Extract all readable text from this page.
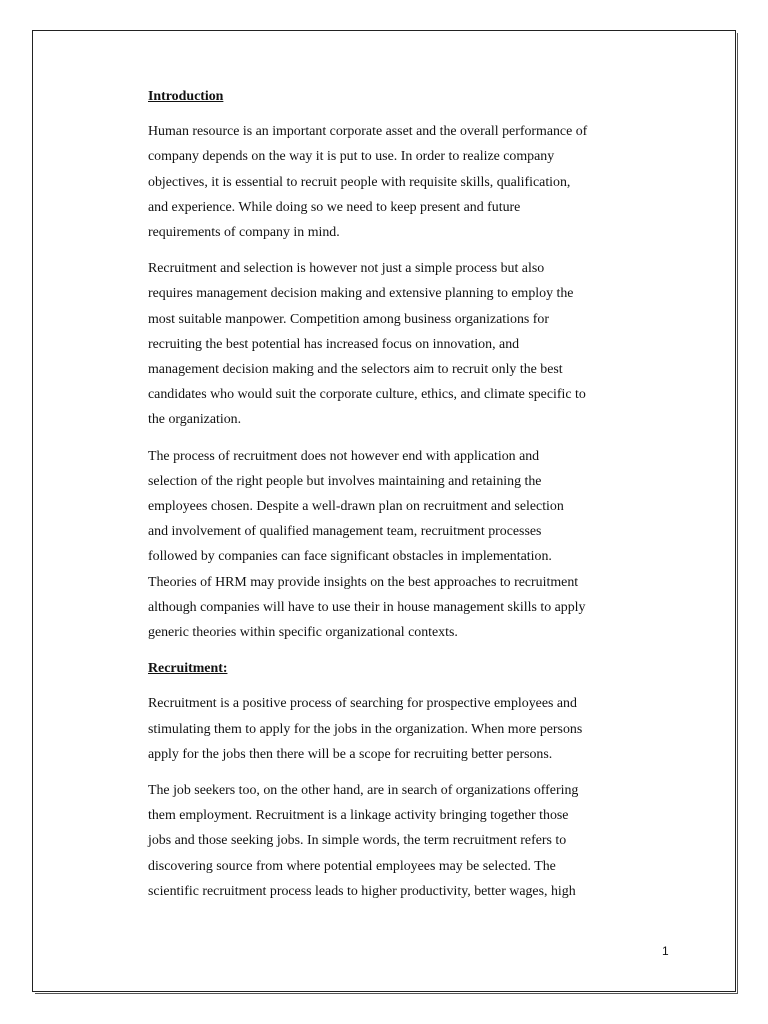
Introduction

Human resource is an important corporate asset and the overall performance of
company depends on the way it is put to use. In order to realize company
objectives, it is essential to recruit people with requisite skills, qualification,
and experience. While doing so we need to keep present and future
requirements of company in mind.

Recruitment and selection is however not just a simple process but also
requires management decision making and extensive planning to employ the
most suitable manpower. Competition among business organizations for
recruiting the best potential has increased focus on innovation, and
management decision making and the selectors aim to recruit only the best
candidates who would suit the corporate culture, ethics, and climate specific to
the organization.

The process of recruitment does not however end with application and
selection of the right people but involves maintaining and retaining the
employees chosen. Despite a well-drawn plan on recruitment and selection
and involvement of qualified management team, recruitment processes
followed by companies can face significant obstacles in implementation.
Theories of HRM may provide insights on the best approaches to recruitment
although companies will have to use their in house management skills to apply
generic theories within specific organizational contexts.

Recruitment:

Recruitment is a positive process of searching for prospective employees and
stimulating them to apply for the jobs in the organization. When more persons
apply for the jobs then there will be a scope for recruiting better persons.

The job seekers too, on the other hand, are in search of organizations offering
them employment. Recruitment is a linkage activity bringing together those
jobs and those seeking jobs. In simple words, the term recruitment refers to
discovering source from where potential employees may be selected. The
scientific recruitment process leads to higher productivity, better wages, high

1
